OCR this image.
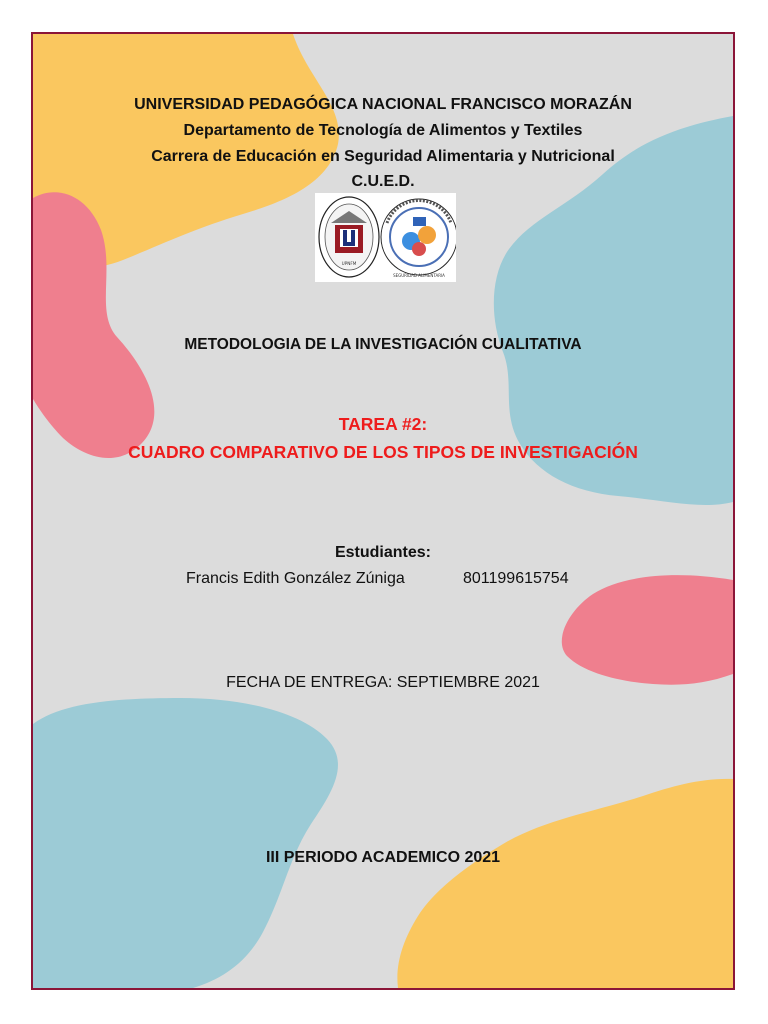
UNIVERSIDAD PEDAGÓGICA NACIONAL FRANCISCO MORAZÁN
Departamento de Tecnología de Alimentos y Textiles
Carrera de Educación en Seguridad Alimentaria y Nutricional
C.U.E.D.
UPNFM
SEGURIDAD ALIMENTARIA
METODOLOGIA DE LA INVESTIGACIÓN CUALITATIVA
TAREA #2:
CUADRO COMPARATIVO DE LOS TIPOS DE INVESTIGACIÓN
Estudiantes:
Francis Edith González Zúniga	801199615754
FECHA DE ENTREGA: SEPTIEMBRE 2021
III PERIODO ACADEMICO 2021
